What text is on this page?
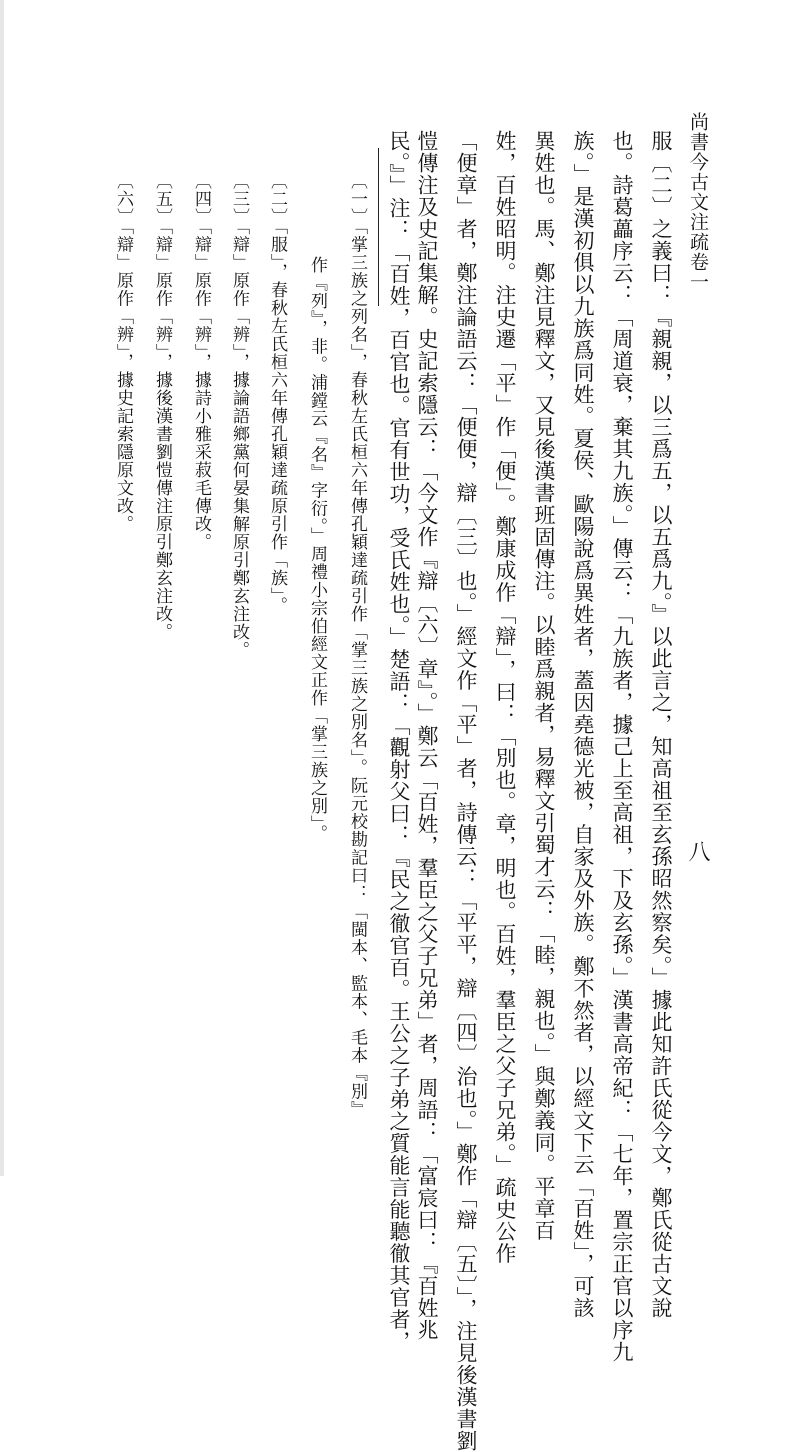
尚書今古文注疏卷一
八
服〔二〕之義曰：『親親，以三爲五，以五爲九。』以此言之，知高祖至玄孫昭然察矣。」據此知許氏從今文，鄭氏從古文說
也。詩葛藟序云：「周道衰，棄其九族。」傳云：「九族者，據己上至高祖，下及玄孫。」漢書高帝紀：「七年，置宗正官以序九
族。」是漢初俱以九族爲同姓。夏侯、歐陽說爲異姓者，蓋因堯德光被，自家及外族。鄭不然者，以經文下云「百姓」，可該
異姓也。馬、鄭注見釋文，又見後漢書班固傳注。以睦爲親者，易釋文引蜀才云：「睦，親也。」與鄭義同。平章百
姓，百姓昭明。注史遷「平」作「便」。鄭康成作「辯」，曰：「別也。章，明也。百姓，羣臣之父子兄弟。」疏史公作
「便章」者，鄭注論語云：「便便，辯〔三〕也。」經文作「平」者，詩傳云：「平平，辯〔四〕治也。」鄭作「辯〔五〕」，注見後漢書劉
愷傳注及史記集解。史記索隱云：「今文作『辯〔六〕章』。」鄭云「百姓，羣臣之父子兄弟」者，周語：「富宸曰：『百姓兆
民。』」注：「百姓，百官也。官有世功，受氏姓也。」楚語：「觀射父曰：『民之徹官百。王公之子弟之質能言能聽徹其官者，
〔一〕「掌三族之列名」，春秋左氏桓六年傳孔穎達疏引作「掌三族之別名」。阮元校勘記曰：「閩本、監本、毛本『別』
作『列』，非。浦鏜云『名』字衍。」周禮小宗伯經文正作「掌三族之別」。
〔二〕「服」，春秋左氏桓六年傳孔穎達疏原引作「族」。
〔三〕「辯」原作「辨」，據論語鄉黨何晏集解原引鄭玄注改。
〔四〕「辯」原作「辨」，據詩小雅采菽毛傳改。
〔五〕「辯」原作「辨」，據後漢書劉愷傳注原引鄭玄注改。
〔六〕「辯」原作「辨」，據史記索隱原文改。
